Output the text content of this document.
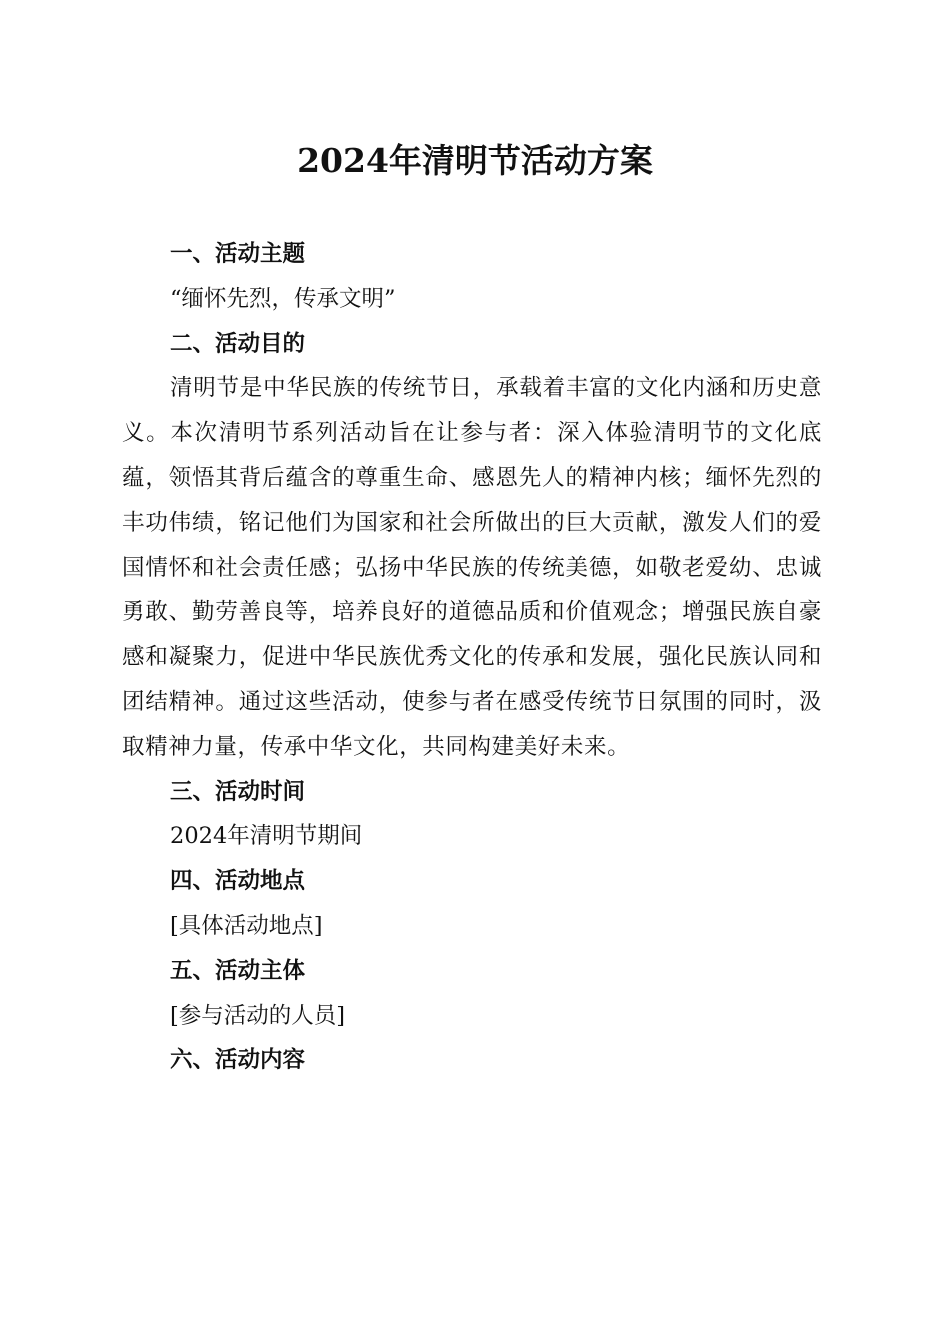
2024年清明节活动方案
一、活动主题
“缅怀先烈，传承文明”
二、活动目的

清明节是中华民族的传统节日，承载着丰富的文化内涵和历史意义。本次清明节系列活动旨在让参与者：深入体验清明节的文化底蕴，领悟其背后蕴含的尊重生命、感恩先人的精神内核；缅怀先烈的丰功伟绩，铭记他们为国家和社会所做出的巨大贡献，激发人们的爱国情怀和社会责任感；弘扬中华民族的传统美德，如敬老爱幼、忠诚勇敢、勤劳善良等，培养良好的道德品质和价值观念；增强民族自豪感和凝聚力，促进中华民族优秀文化的传承和发展，强化民族认同和团结精神。通过这些活动，使参与者在感受传统节日氛围的同时，汲取精神力量，传承中华文化，共同构建美好未来。

三、活动时间
2024年清明节期间
四、活动地点
[具体活动地点]
五、活动主体
[参与活动的人员]
六、活动内容
